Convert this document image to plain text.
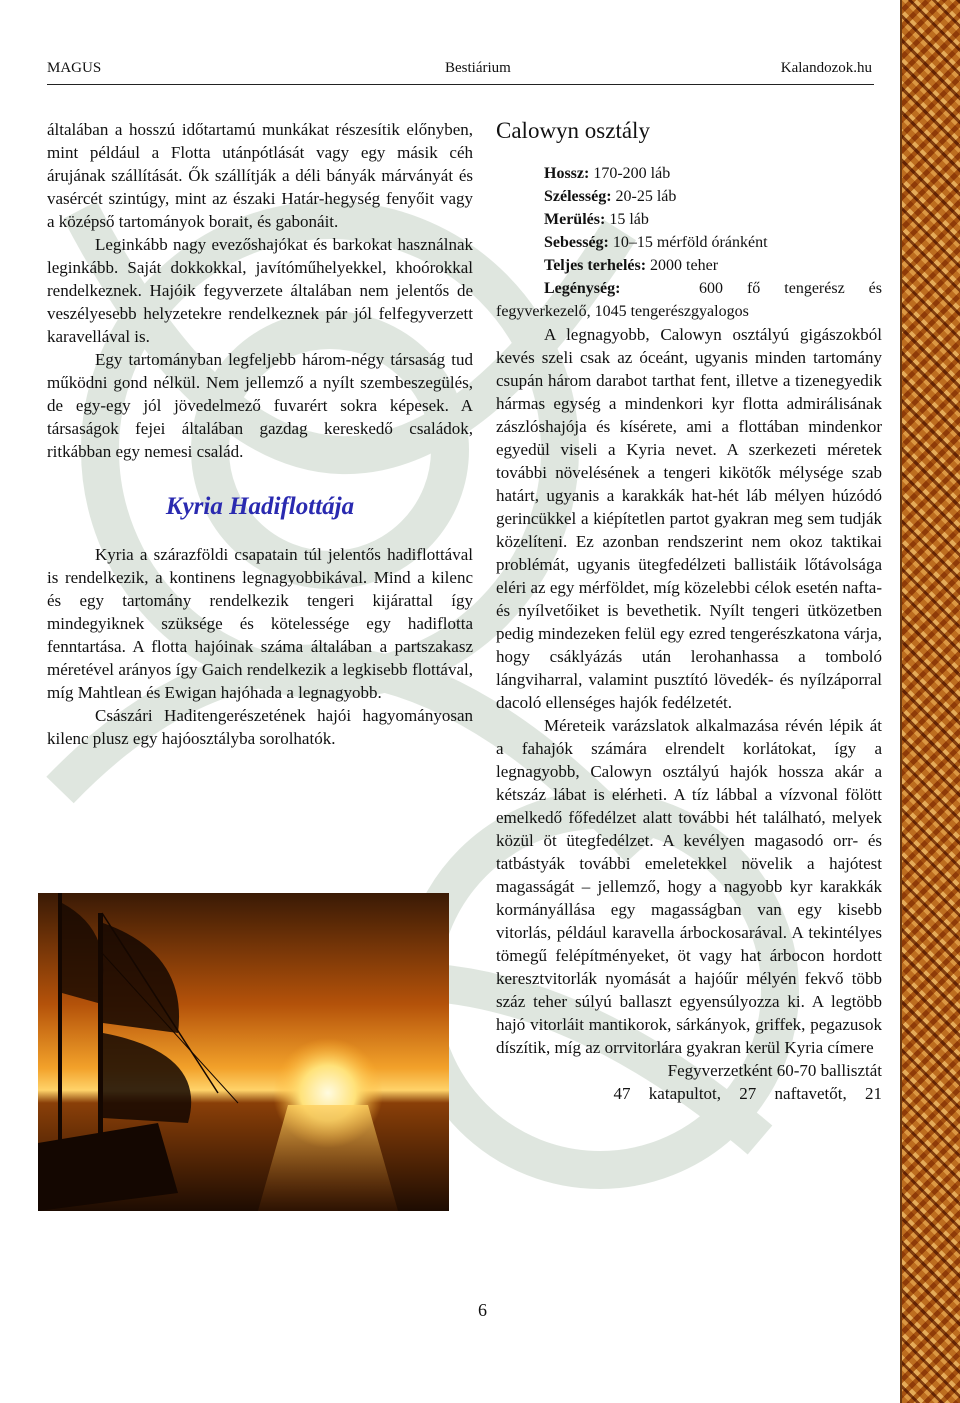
MAGUS	Bestiárium	Kalandozok.hu

általában a hosszú időtartamú munkákat részesítik előnyben, mint például a Flotta utánpótlását vagy egy másik céh árujának szállítását. Ők szállítják a déli bányák márványát és vasércét szintúgy, mint az északi Határ-hegység fenyőit vagy a középső tartományok borait, és gabonáit.

Leginkább nagy evezőshajókat és barkokat használnak leginkább. Saját dokkokkal, javítóműhelyekkel, khoórokkal rendelkeznek. Hajóik fegyverzete általában nem jelentős de veszélyesebb helyzetekre rendelkeznek pár jól felfegyverzett karavellával is.

Egy tartományban legfeljebb három-négy társaság tud működni gond nélkül. Nem jellemző a nyílt szembeszegülés, de egy-egy jól jövedelmező fuvarért sokra képesek. A társaságok fejei általában gazdag kereskedő családok, ritkábban egy nemesi család.

Kyria Hadiflottája

Kyria a szárazföldi csapatain túl jelentős hadiflottával is rendelkezik, a kontinens legnagyobbikával. Mind a kilenc és egy tartomány rendelkezik tengeri kijárattal így mindegyiknek szüksége és kötelessége egy hadiflotta fenntartása. A flotta hajóinak száma általában a partszakasz méretével arányos így Gaich rendelkezik a legkisebb flottával, míg Mahtlean és Ewigan hajóhada a legnagyobb.

Császári Haditengerészetének hajói hagyományosan kilenc plusz egy hajóosztályba sorolhatók.

Calowyn osztály
Hossz: 170-200 láb
Szélesség: 20-25 láb
Merülés: 15 láb
Sebesség: 10–15 mérföld óránként
Teljes terhelés: 2000 teher
Legénység:	600 fő tengerész és
fegyverkezelő, 1045 tengerészgyalogos

A legnagyobb, Calowyn osztályú gigászokból kevés szeli csak az óceánt, ugyanis minden tartomány csupán három darabot tarthat fent, illetve a tizenegyedik hármas egység a mindenkori kyr flotta admirálisának zászlóshajója és kísérete, ami a flottában mindenkor egyedül viseli a Kyria nevet. A szerkezeti méretek további növelésének a tengeri kikötők mélysége szab határt, ugyanis a karakkák hat-hét láb mélyen húzódó gerincükkel a kiépítetlen partot gyakran meg sem tudják közelíteni. Ez azonban rendszerint nem okoz taktikai problémát, ugyanis ütegfedélzeti ballistáik lőtávolsága eléri az egy mérföldet, míg közelebbi célok esetén nafta- és nyílvetőiket is bevethetik. Nyílt tengeri ütközetben pedig mindezeken felül egy ezred tengerészkatona várja, hogy csáklyázás után lerohanhassa a tomboló lángviharral, valamint pusztító lövedék- és nyílzáporral dacoló ellenséges hajók fedélzetét.

Méreteik varázslatok alkalmazása révén lépik át a fahajók számára elrendelt korlátokat, így a legnagyobb, Calowyn osztályú hajók hossza akár a kétszáz lábat is elérheti. A tíz lábbal a vízvonal fölött emelkedő főfedélzet alatt további hét található, melyek közül öt ütegfedélzet. A kevélyen magasodó orr- és tatbástyák további emeletekkel növelik a hajótest magasságát – jellemző, hogy a nagyobb kyr karakkák kormányállása egy magasságban van egy kisebb vitorlás, például karavella árbockosarával. A tekintélyes tömegű felépítményeket, öt vagy hat árbocon hordott keresztvitorlák nyomását a hajóűr mélyén fekvő több száz teher súlyú ballaszt egyensúlyozza ki. A legtöbb hajó vitorláit mantikorok, sárkányok, griffek, pegazusok díszítik, míg az orrvitorlára gyakran kerül Kyria címere

Fegyverzetként 60-70 ballisztát

47 katapultot, 27 naftavetőt, 21

6
